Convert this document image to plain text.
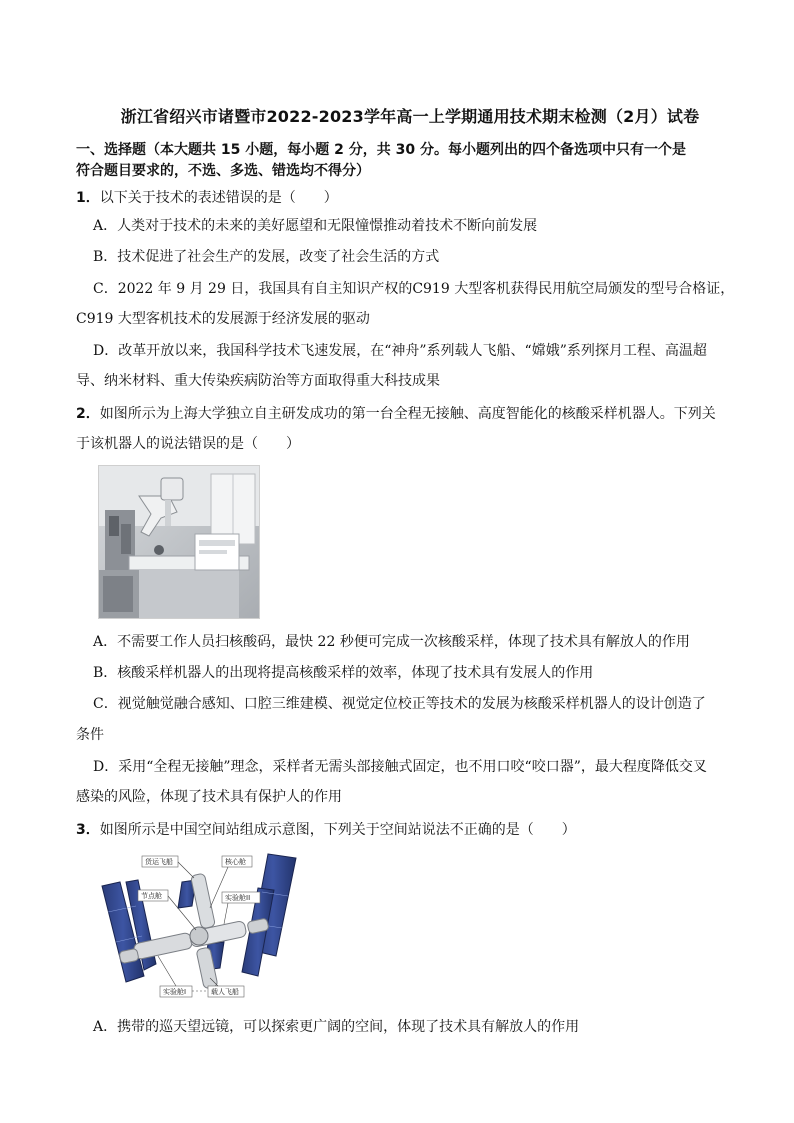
浙江省绍兴市诸暨市2022-2023学年高一上学期通用技术期末检测（2月）试卷
一、选择题（本大题共 15 小题，每小题 2 分，共 30 分。每小题列出的四个备选项中只有一个是
符合题目要求的，不选、多选、错选均不得分）
1．以下关于技术的表述错误的是（　　）
A．人类对于技术的未来的美好愿望和无限憧憬推动着技术不断向前发展
B．技术促进了社会生产的发展，改变了社会生活的方式
C．2022 年 9 月 29 日，我国具有自主知识产权的C919 大型客机获得民用航空局颁发的型号合格证，
C919 大型客机技术的发展源于经济发展的驱动
D．改革开放以来，我国科学技术飞速发展，在“神舟”系列载人飞船、“嫦娥”系列探月工程、高温超
导、纳米材料、重大传染疾病防治等方面取得重大科技成果
2．如图所示为上海大学独立自主研发成功的第一台全程无接触、高度智能化的核酸采样机器人。下列关
于该机器人的说法错误的是（　　）
A．不需要工作人员扫核酸码，最快 22 秒便可完成一次核酸采样，体现了技术具有解放人的作用
B．核酸采样机器人的出现将提高核酸采样的效率，体现了技术具有发展人的作用
C．视觉触觉融合感知、口腔三维建模、视觉定位校正等技术的发展为核酸采样机器人的设计创造了
条件
D．采用“全程无接触”理念，采样者无需头部接触式固定，也不用口咬“咬口器”，最大程度降低交叉
感染的风险，体现了技术具有保护人的作用
3．如图所示是中国空间站组成示意图，下列关于空间站说法不正确的是（　　）
货运飞船	核心舱
节点舱	实验舱II
实验舱I	载人飞船
A．携带的巡天望远镜，可以探索更广阔的空间，体现了技术具有解放人的作用
